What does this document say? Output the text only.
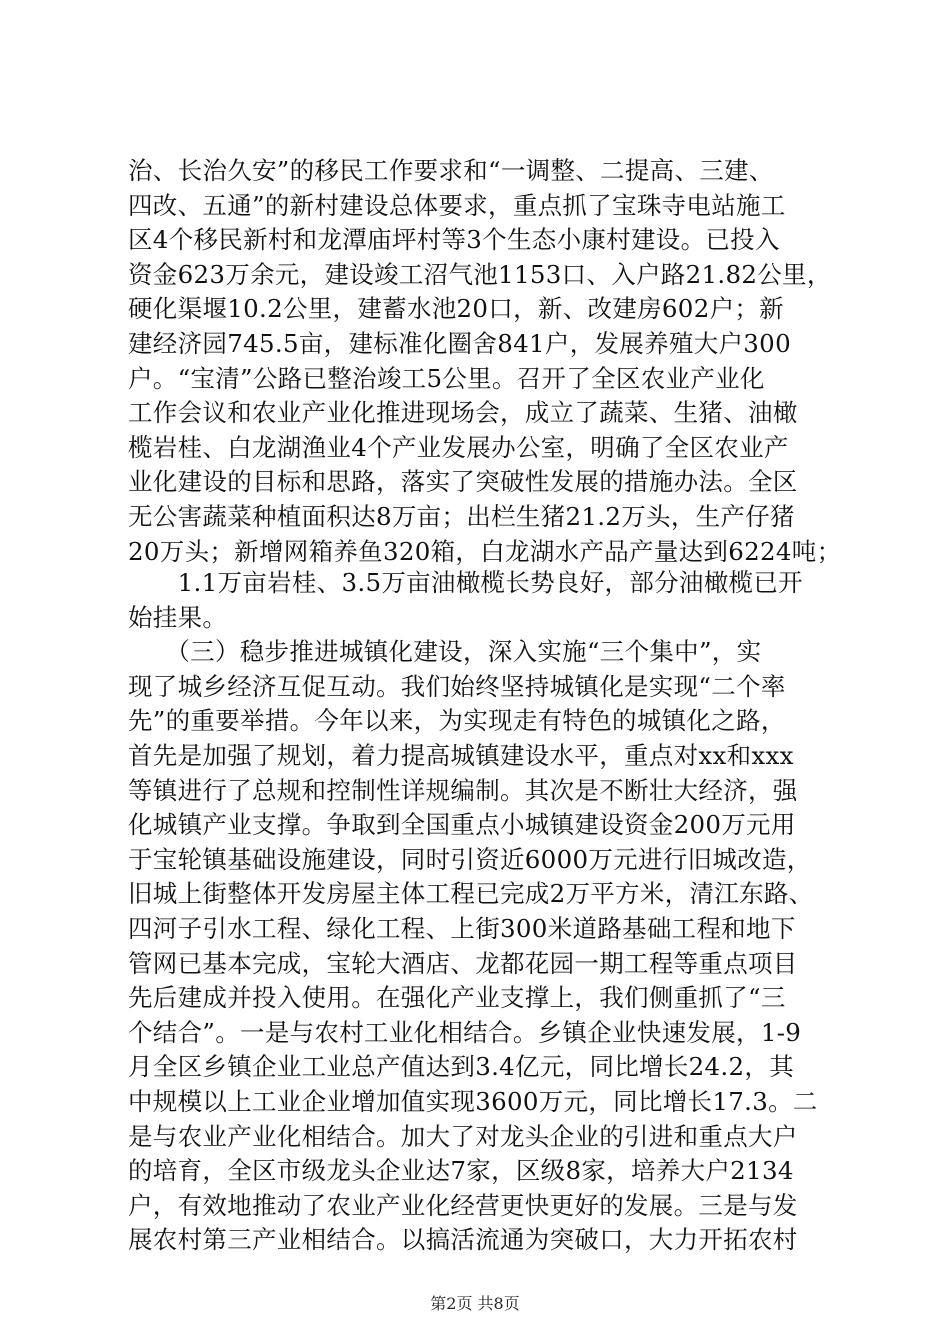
治、长治久安”的移民工作要求和“一调整、二提高、三建、
四改、五通”的新村建设总体要求，重点抓了宝珠寺电站施工
区4个移民新村和龙潭庙坪村等3个生态小康村建设。已投入
资金623万余元，建设竣工沼气池1153口、入户路21.82公里，
硬化渠堰10.2公里，建蓄水池20口，新、改建房602户；新
建经济园745.5亩，建标准化圈舍841户，发展养殖大户300
户。“宝清”公路已整治竣工5公里。召开了全区农业产业化
工作会议和农业产业化推进现场会，成立了蔬菜、生猪、油橄
榄岩桂、白龙湖渔业4个产业发展办公室，明确了全区农业产
业化建设的目标和思路，落实了突破性发展的措施办法。全区
无公害蔬菜种植面积达8万亩；出栏生猪21.2万头，生产仔猪
20万头；新增网箱养鱼320箱，白龙湖水产品产量达到6224吨；
　　1.1万亩岩桂、3.5万亩油橄榄长势良好，部分油橄榄已开
始挂果。
　　（三）稳步推进城镇化建设，深入实施“三个集中”，实
现了城乡经济互促互动。我们始终坚持城镇化是实现“二个率
先”的重要举措。今年以来，为实现走有特色的城镇化之路，
首先是加强了规划，着力提高城镇建设水平，重点对xx和xxx
等镇进行了总规和控制性详规编制。其次是不断壮大经济，强
化城镇产业支撑。争取到全国重点小城镇建设资金200万元用
于宝轮镇基础设施建设，同时引资近6000万元进行旧城改造，
旧城上街整体开发房屋主体工程已完成2万平方米，清江东路、
四河子引水工程、绿化工程、上街300米道路基础工程和地下
管网已基本完成，宝轮大酒店、龙都花园一期工程等重点项目
先后建成并投入使用。在强化产业支撑上，我们侧重抓了“三
个结合”。一是与农村工业化相结合。乡镇企业快速发展，1-9
月全区乡镇企业工业总产值达到3.4亿元，同比增长24.2，其
中规模以上工业企业增加值实现3600万元，同比增长17.3。二
是与农业产业化相结合。加大了对龙头企业的引进和重点大户
的培育，全区市级龙头企业达7家，区级8家，培养大户2134
户，有效地推动了农业产业化经营更快更好的发展。三是与发
展农村第三产业相结合。以搞活流通为突破口，大力开拓农村
第2页 共8页
